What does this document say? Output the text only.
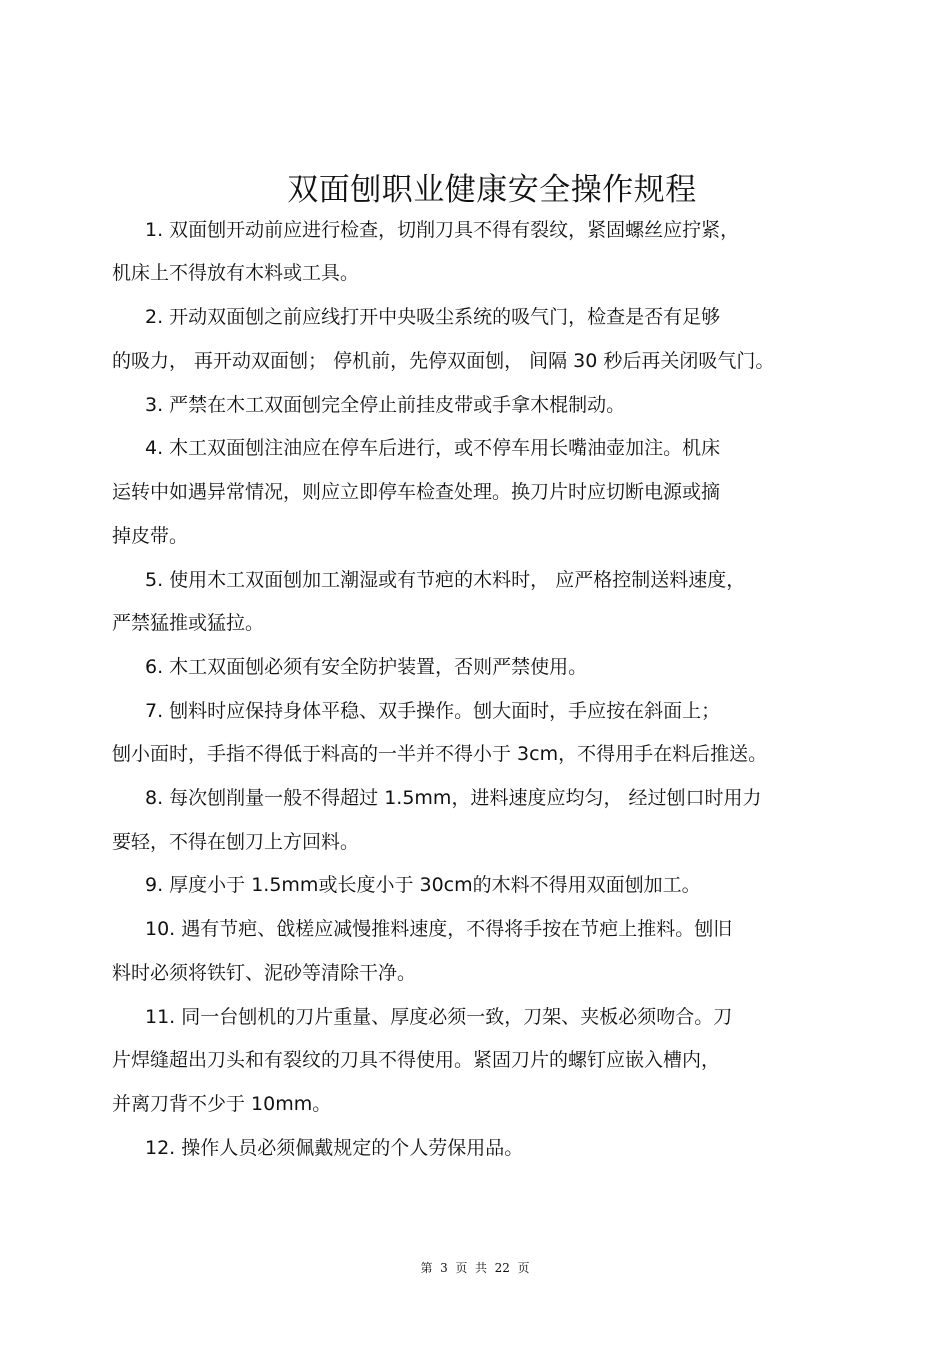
双面刨职业健康安全操作规程
1. 双面刨开动前应进行检查，切削刀具不得有裂纹，紧固螺丝应拧紧，
机床上不得放有木料或工具。
2. 开动双面刨之前应线打开中央吸尘系统的吸气门，检查是否有足够
的吸力， 再开动双面刨； 停机前，先停双面刨， 间隔 30 秒后再关闭吸气门。
3. 严禁在木工双面刨完全停止前挂皮带或手拿木棍制动。
4. 木工双面刨注油应在停车后进行，或不停车用长嘴油壶加注。机床
运转中如遇异常情况，则应立即停车检查处理。换刀片时应切断电源或摘
掉皮带。
5. 使用木工双面刨加工潮湿或有节疤的木料时， 应严格控制送料速度，
严禁猛推或猛拉。
6. 木工双面刨必须有安全防护装置，否则严禁使用。
7. 刨料时应保持身体平稳、双手操作。刨大面时，手应按在斜面上；
刨小面时，手指不得低于料高的一半并不得小于 3cm，不得用手在料后推送。
8. 每次刨削量一般不得超过 1.5mm，进料速度应均匀， 经过刨口时用力
要轻，不得在刨刀上方回料。
9. 厚度小于 1.5mm或长度小于 30cm的木料不得用双面刨加工。
10. 遇有节疤、戗槎应减慢推料速度，不得将手按在节疤上推料。刨旧
料时必须将铁钉、泥砂等清除干净。
11. 同一台刨机的刀片重量、厚度必须一致，刀架、夹板必须吻合。刀
片焊缝超出刀头和有裂纹的刀具不得使用。紧固刀片的螺钉应嵌入槽内，
并离刀背不少于 10mm。
12. 操作人员必须佩戴规定的个人劳保用品。
第  3  页  共  22  页
